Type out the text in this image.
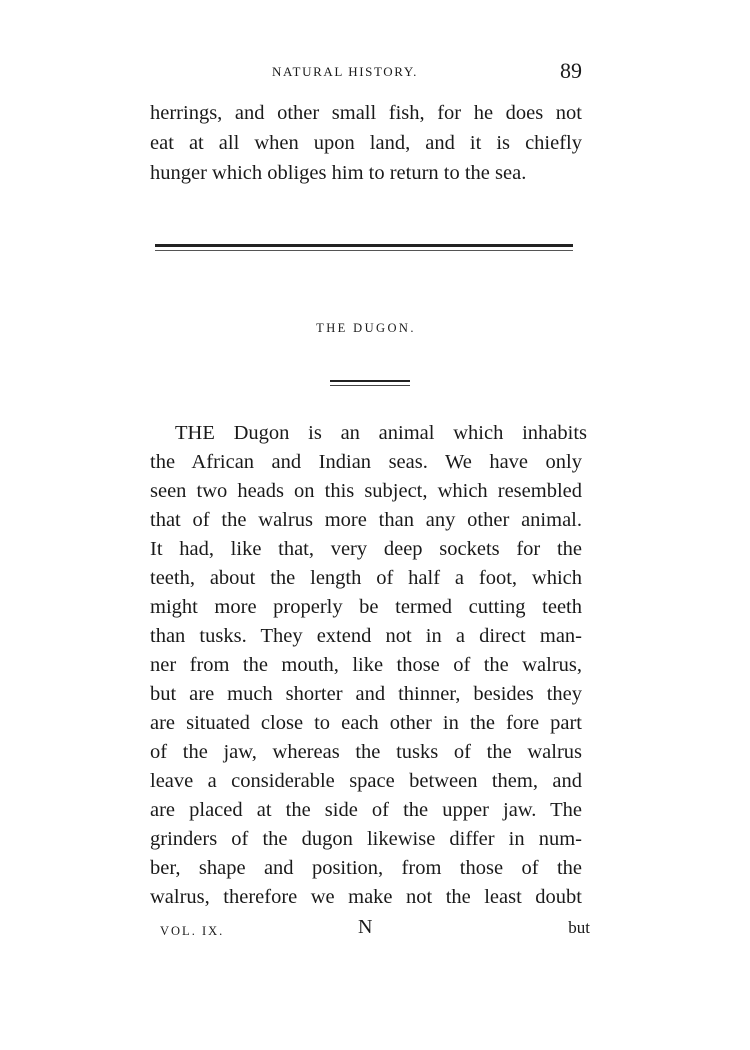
NATURAL HISTORY.	89
herrings, and other small fish, for he does not
eat at all when upon land, and it is chiefly
hunger which obliges him to return to the sea.
THE DUGON.
THE Dugon is an animal which inhabits
the African and Indian seas. We have only
seen two heads on this subject, which resembled
that of the walrus more than any other animal.
It had, like that, very deep sockets for the
teeth, about the length of half a foot, which
might more properly be termed cutting teeth
than tusks. They extend not in a direct man-
ner from the mouth, like those of the walrus,
but are much shorter and thinner, besides they
are situated close to each other in the fore part
of the jaw, whereas the tusks of the walrus
leave a considerable space between them, and
are placed at the side of the upper jaw. The
grinders of the dugon likewise differ in num-
ber, shape and position, from those of the
walrus, therefore we make not the least doubt
VOL. IX.	N	but
